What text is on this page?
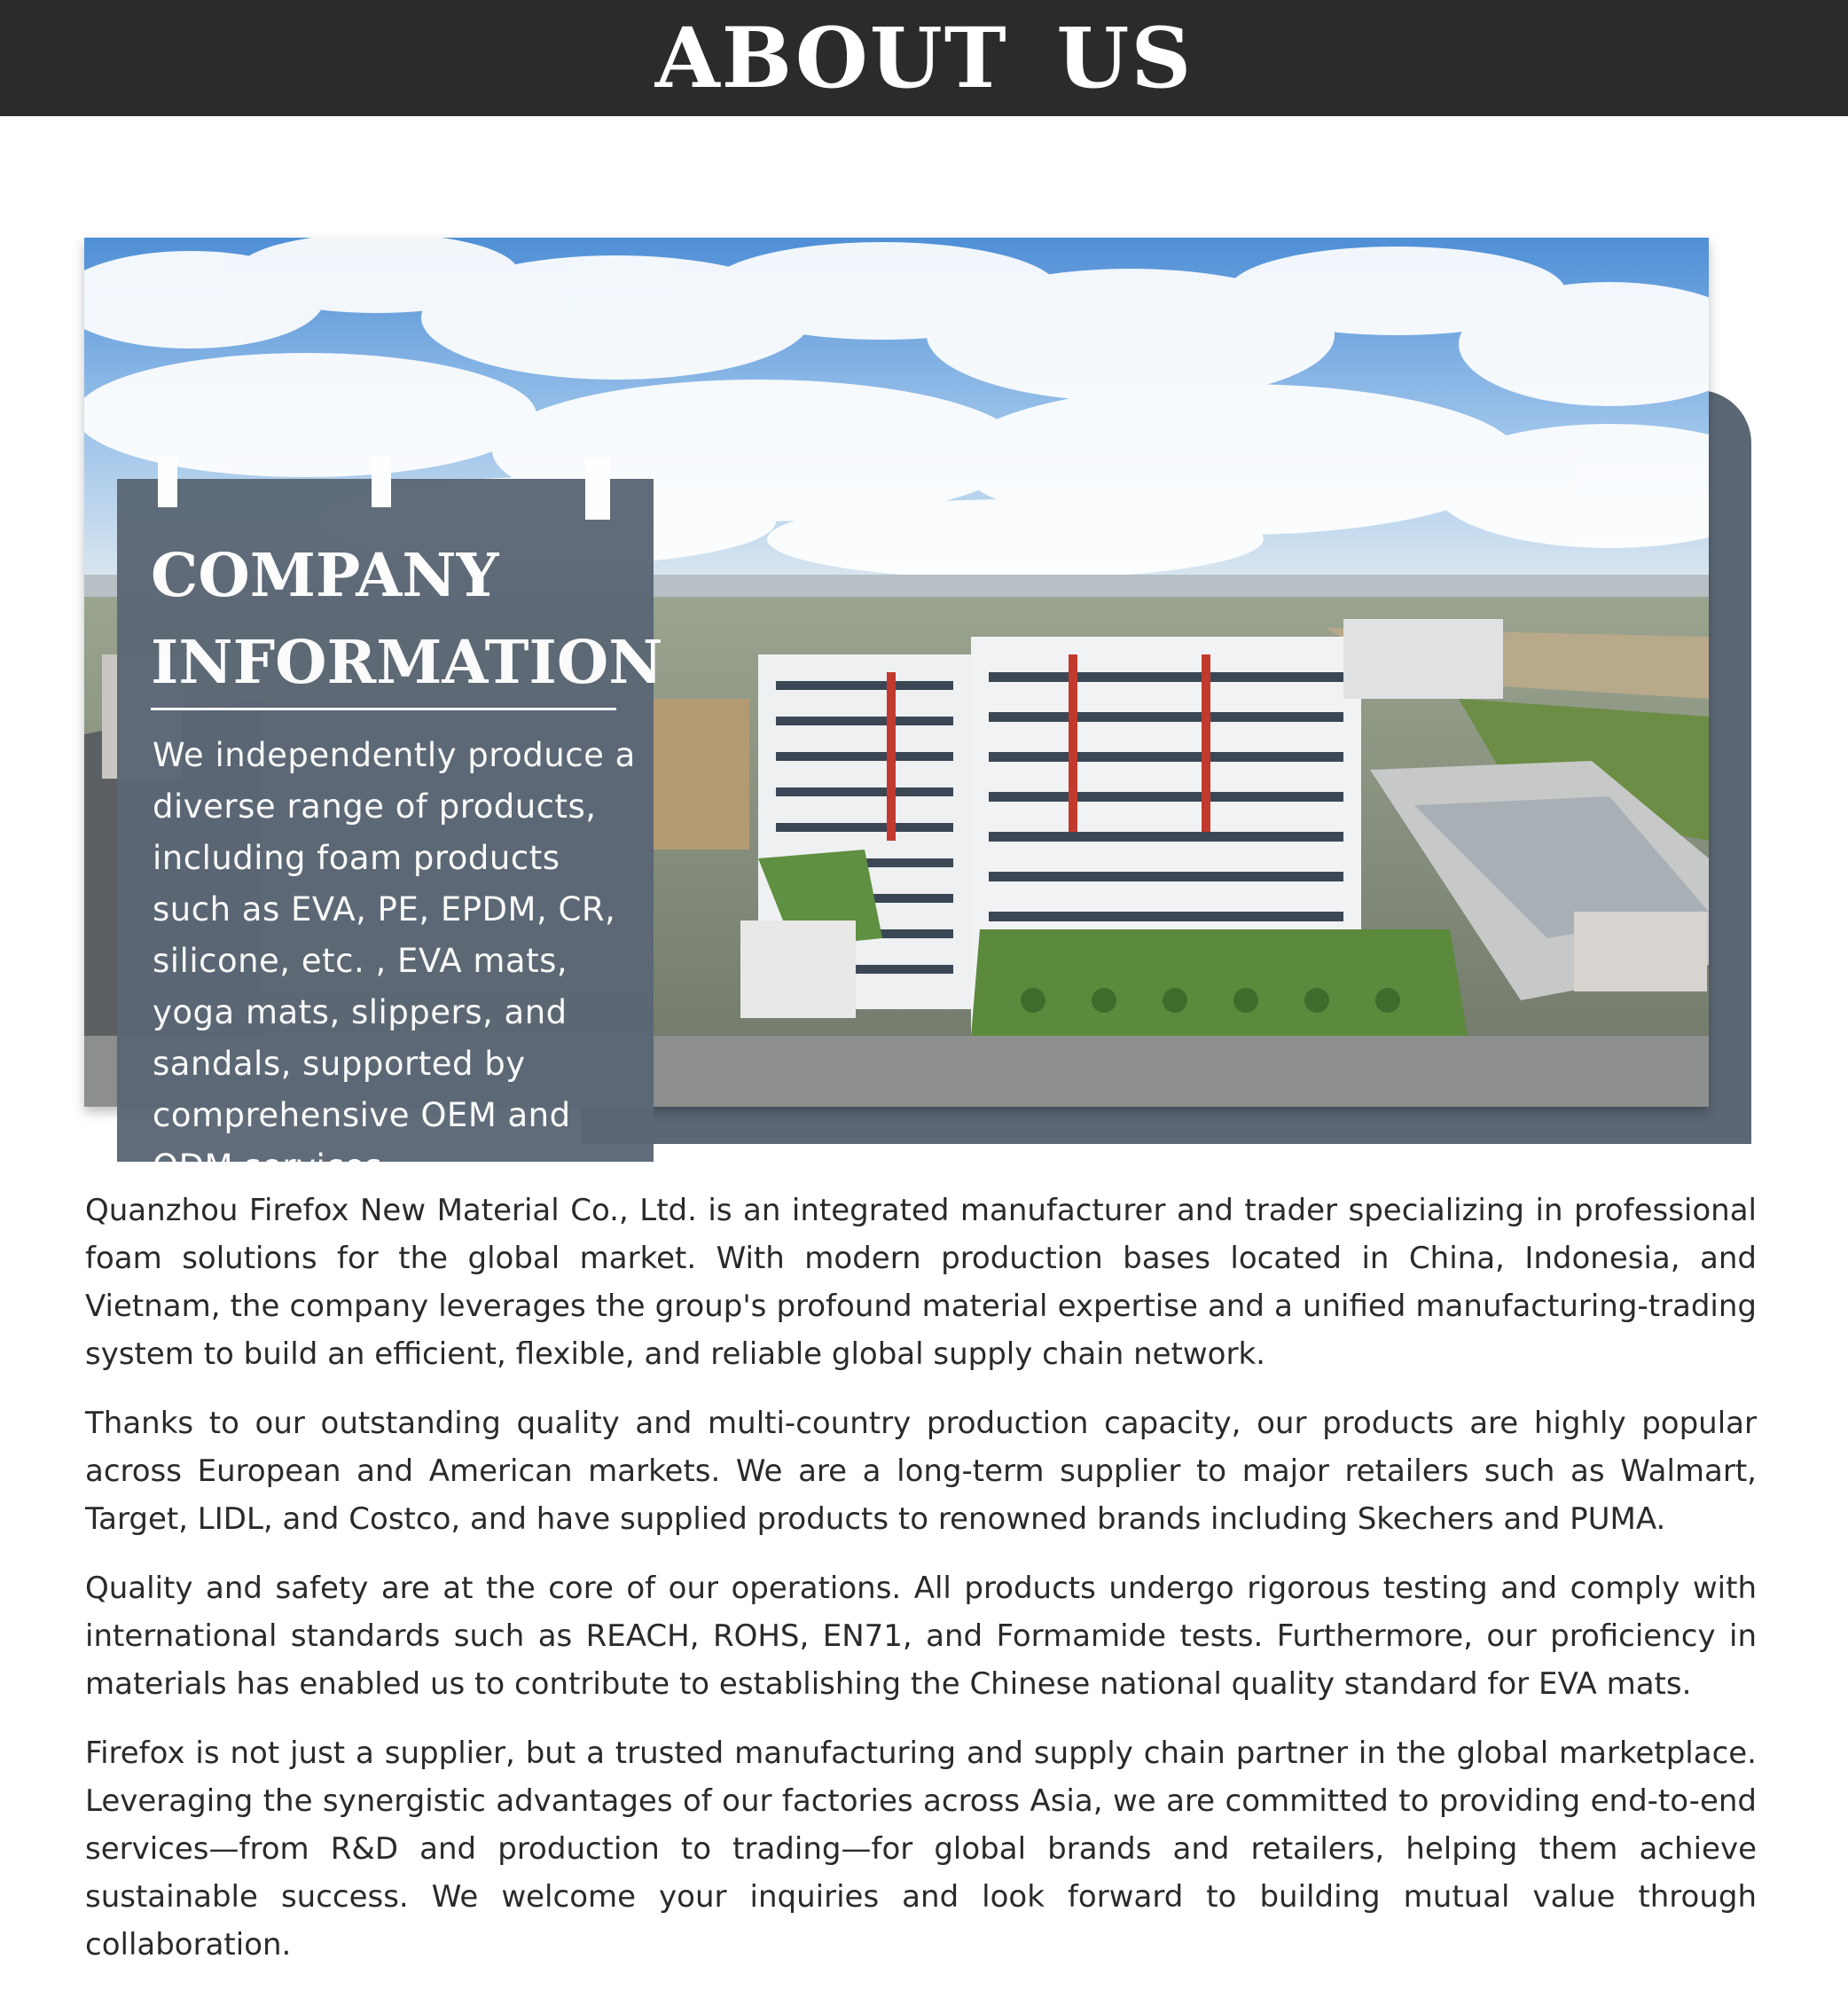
ABOUT US
COMPANY
INFORMATION
We independently produce a diverse range of products, including foam products such as EVA, PE, EPDM, CR, silicone, etc. , EVA mats, yoga mats, slippers, and sandals, supported by comprehensive OEM and ODM services.

Quanzhou Firefox New Material Co., Ltd. is an integrated manufacturer and trader specializing in professional foam solutions for the global market. With modern production bases located in China, Indonesia, and Vietnam, the company leverages the group's profound material expertise and a unified manufacturing-trading system to build an efficient, flexible, and reliable global supply chain network.

Thanks to our outstanding quality and multi-country production capacity, our products are highly popular across European and American markets. We are a long-term supplier to major retailers such as Walmart, Target, LIDL, and Costco, and have supplied products to renowned brands including Skechers and PUMA.

Quality and safety are at the core of our operations. All products undergo rigorous testing and comply with international standards such as REACH, ROHS, EN71, and Formamide tests. Furthermore, our proficiency in materials has enabled us to contribute to establishing the Chinese national quality standard for EVA mats.

Firefox is not just a supplier, but a trusted manufacturing and supply chain partner in the global marketplace. Leveraging the synergistic advantages of our factories across Asia, we are committed to providing end-to-end services—from R&D and production to trading—for global brands and retailers, helping them achieve sustainable success. We welcome your inquiries and look forward to building mutual value through collaboration.
